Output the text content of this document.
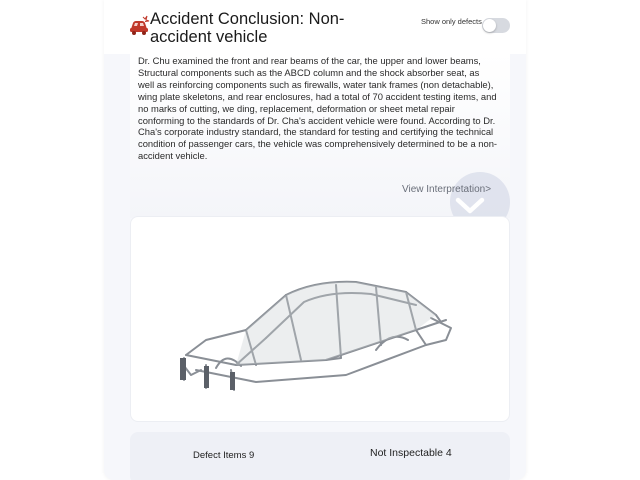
Accident Conclusion: Non-accident vehicle
Show only defects
Dr. Chu examined the front and rear beams of the car, the upper and lower beams, Structural components such as the ABCD column and the shock absorber seat, as well as reinforcing components such as firewalls, water tank frames (non detachable), wing plate skeletons, and rear enclosures, had a total of 70 accident testing items, and no marks of cutting, we ding, replacement, deformation or sheet metal repair conforming to the standards of Dr. Cha's accident vehicle were found. According to Dr. Cha's corporate industry standard, the standard for testing and certifying the technical condition of passenger cars, the vehicle was comprehensively determined to be a non-accident vehicle.
View Interpretation>
Defect Items 9	Not Inspectable 4
